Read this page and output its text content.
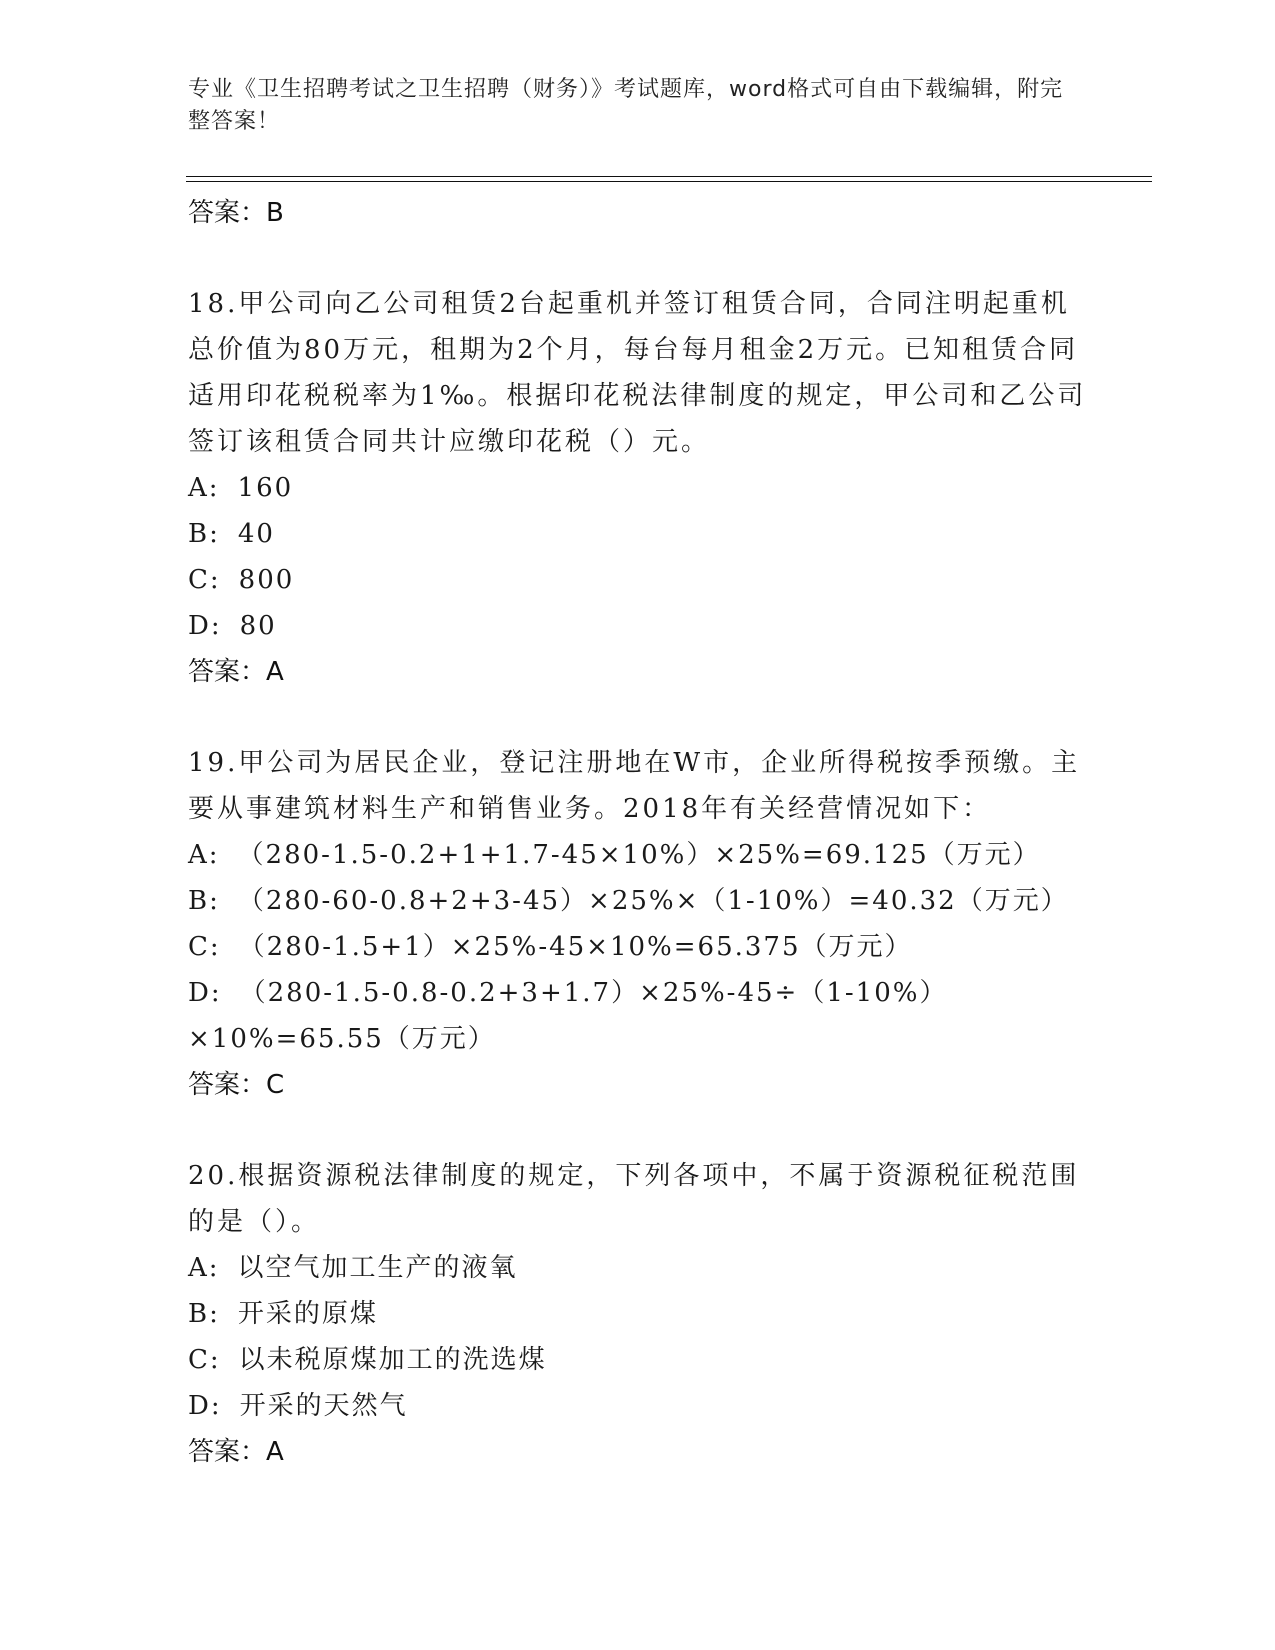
专业《卫生招聘考试之卫生招聘（财务）》考试题库，word格式可自由下载编辑，附完整答案！
答案：B
18.甲公司向乙公司租赁2台起重机并签订租赁合同，合同注明起重机总价值为80万元，租期为2个月，每台每月租金2万元。已知租赁合同适用印花税税率为1‰。根据印花税法律制度的规定，甲公司和乙公司签订该租赁合同共计应缴印花税（）元。
A: 160
B: 40
C: 800
D: 80
答案：A
19.甲公司为居民企业，登记注册地在W市，企业所得税按季预缴。主要从事建筑材料生产和销售业务。2018年有关经营情况如下：
A: （280-1.5-0.2+1+1.7-45×10%）×25%=69.125（万元）
B: （280-60-0.8+2+3-45）×25%×（1-10%）=40.32（万元）
C: （280-1.5+1）×25%-45×10%=65.375（万元）
D: （280-1.5-0.8-0.2+3+1.7）×25%-45÷（1-10%）×10%=65.55（万元）
答案：C
20.根据资源税法律制度的规定，下列各项中，不属于资源税征税范围的是（）。
A: 以空气加工生产的液氧
B: 开采的原煤
C: 以未税原煤加工的洗选煤
D: 开采的天然气
答案：A
